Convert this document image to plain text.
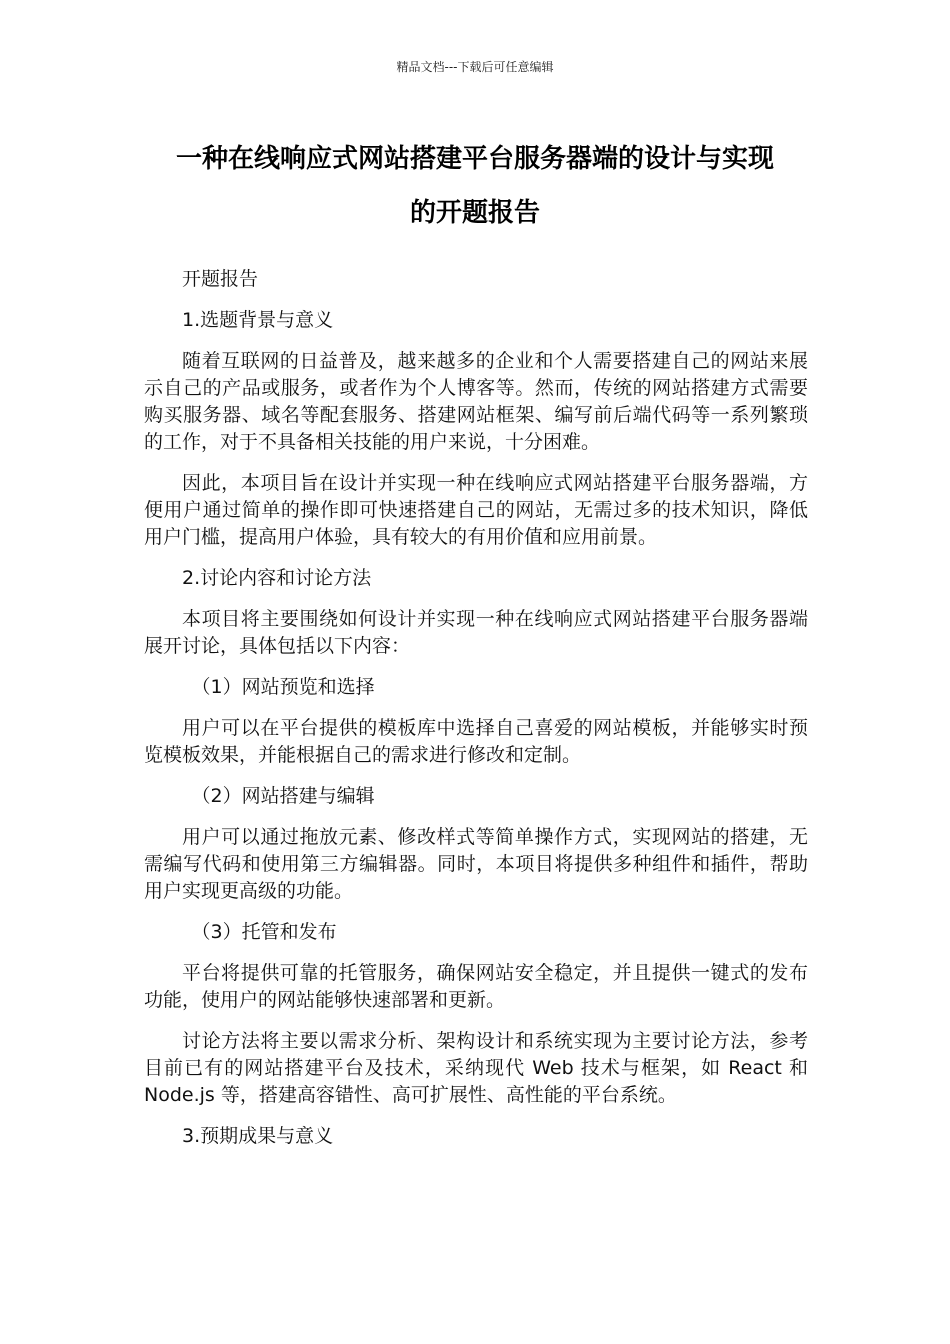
精品文档---下载后可任意编辑
一种在线响应式网站搭建平台服务器端的设计与实现
的开题报告

开题报告

1.选题背景与意义

随着互联网的日益普及，越来越多的企业和个人需要搭建自己的网站来展示自己的产品或服务，或者作为个人博客等。然而，传统的网站搭建方式需要购买服务器、域名等配套服务、搭建网站框架、编写前后端代码等一系列繁琐的工作，对于不具备相关技能的用户来说，十分困难。

因此，本项目旨在设计并实现一种在线响应式网站搭建平台服务器端，方便用户通过简单的操作即可快速搭建自己的网站，无需过多的技术知识，降低用户门槛，提高用户体验，具有较大的有用价值和应用前景。

2.讨论内容和讨论方法

本项目将主要围绕如何设计并实现一种在线响应式网站搭建平台服务器端展开讨论，具体包括以下内容：

（1）网站预览和选择

用户可以在平台提供的模板库中选择自己喜爱的网站模板，并能够实时预览模板效果，并能根据自己的需求进行修改和定制。

（2）网站搭建与编辑

用户可以通过拖放元素、修改样式等简单操作方式，实现网站的搭建，无需编写代码和使用第三方编辑器。同时，本项目将提供多种组件和插件，帮助用户实现更高级的功能。

（3）托管和发布

平台将提供可靠的托管服务，确保网站安全稳定，并且提供一键式的发布功能，使用户的网站能够快速部署和更新。

讨论方法将主要以需求分析、架构设计和系统实现为主要讨论方法，参考目前已有的网站搭建平台及技术，采纳现代 Web 技术与框架，如 React 和 Node.js 等，搭建高容错性、高可扩展性、高性能的平台系统。

3.预期成果与意义
